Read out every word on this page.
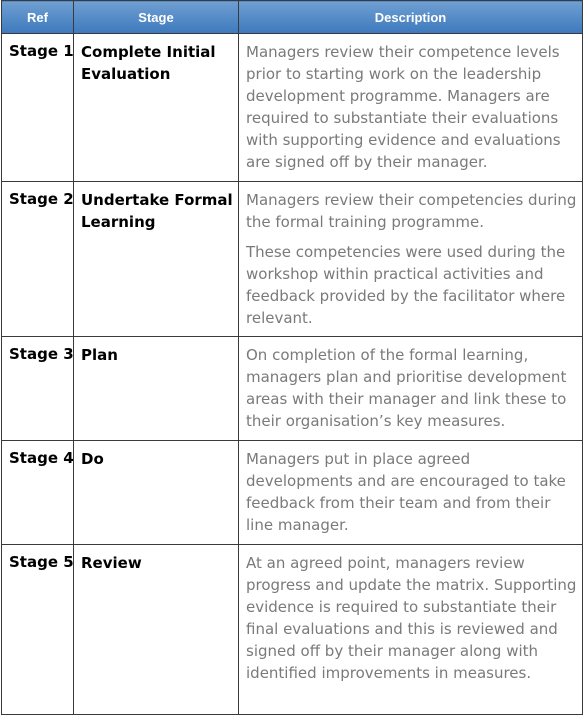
Ref	Stage	Description
Stage 1	Complete Initial Evaluation	Managers review their competence levels prior to starting work on the leadership development programme. Managers are required to substantiate their evaluations with supporting evidence and evaluations are signed off by their manager.

Stage 2	Undertake Formal Learning	Managers review their competencies during the formal training programme.

These competencies were used during the workshop within practical activities and feedback provided by the facilitator where relevant.

Stage 3	Plan	On completion of the formal learning, managers plan and prioritise development areas with their manager and link these to their organisation’s key measures.

Stage 4	Do	Managers put in place agreed developments and are encouraged to take feedback from their team and from their line manager.

Stage 5	Review	At an agreed point, managers review progress and update the matrix. Supporting evidence is required to substantiate their final evaluations and this is reviewed and signed off by their manager along with identified improvements in measures.
